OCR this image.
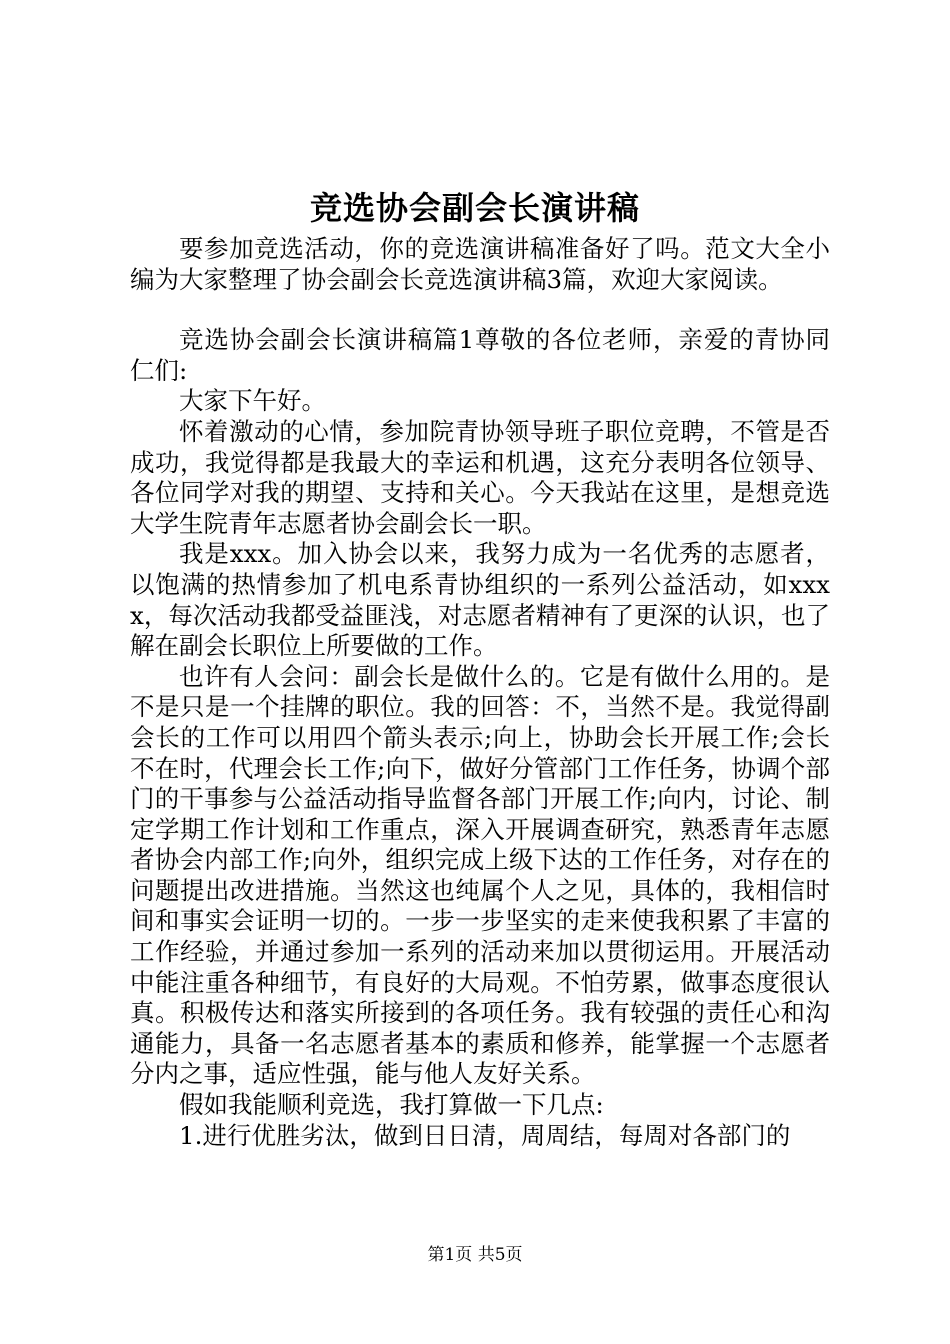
竞选协会副会长演讲稿

要参加竞选活动，你的竞选演讲稿准备好了吗。范文大全小编为大家整理了协会副会长竞选演讲稿3篇，欢迎大家阅读。

竞选协会副会长演讲稿篇1尊敬的各位老师，亲爱的青协同仁们:

大家下午好。

怀着激动的心情，参加院青协领导班子职位竞聘，不管是否成功，我觉得都是我最大的幸运和机遇，这充分表明各位领导、各位同学对我的期望、支持和关心。今天我站在这里，是想竞选大学生院青年志愿者协会副会长一职。

我是xxx。加入协会以来，我努力成为一名优秀的志愿者，以饱满的热情参加了机电系青协组织的一系列公益活动，如xxxx，每次活动我都受益匪浅，对志愿者精神有了更深的认识，也了解在副会长职位上所要做的工作。

也许有人会问：副会长是做什么的。它是有做什么用的。是不是只是一个挂牌的职位。我的回答：不，当然不是。我觉得副会长的工作可以用四个箭头表示;向上，协助会长开展工作;会长不在时，代理会长工作;向下，做好分管部门工作任务，协调个部门的干事参与公益活动指导监督各部门开展工作;向内，讨论、制定学期工作计划和工作重点，深入开展调查研究，熟悉青年志愿者协会内部工作;向外，组织完成上级下达的工作任务，对存在的问题提出改进措施。当然这也纯属个人之见，具体的，我相信时间和事实会证明一切的。一步一步坚实的走来使我积累了丰富的工作经验，并通过参加一系列的活动来加以贯彻运用。开展活动中能注重各种细节，有良好的大局观。不怕劳累，做事态度很认真。积极传达和落实所接到的各项任务。我有较强的责任心和沟通能力，具备一名志愿者基本的素质和修养，能掌握一个志愿者分内之事，适应性强，能与他人友好关系。

假如我能顺利竞选，我打算做一下几点:

1.进行优胜劣汰，做到日日清，周周结，每周对各部门的

第1页 共5页
